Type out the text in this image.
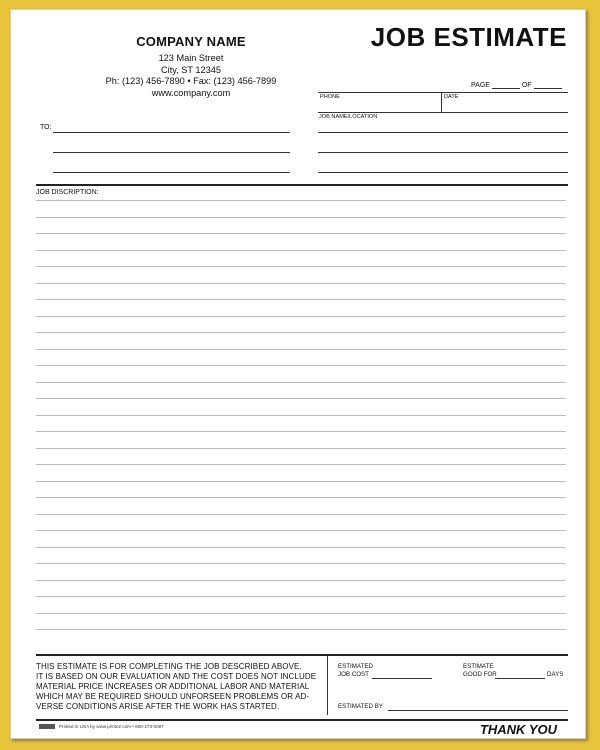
COMPANY NAME
123 Main Street
City, ST 12345
Ph: (123) 456-7890 • Fax: (123) 456-7899
www.company.com
JOB ESTIMATE
PAGE	OF
PHONE	DATE
JOB NAME/LOCATION
TO:
JOB DISCRIPTION:
THIS ESTIMATE IS FOR COMPLETING THE JOB DESCRIBED ABOVE.
IT IS BASED ON OUR EVALUATION AND THE COST DOES NOT INCLUDE
MATERIAL PRICE INCREASES OR ADDITIONAL LABOR AND MATERIAL
WHICH MAY BE REQUIRED SHOULD UNFORSEEN PROBLEMS OR AD-
VERSE CONDITIONS ARISE AFTER THE WORK HAS STARTED.
ESTIMATED
JOB COST
ESTIMATE
GOOD FOR	DAYS
ESTIMATED BY
Printed in USA by www.printez.com • 800-273-0097	THANK YOU
